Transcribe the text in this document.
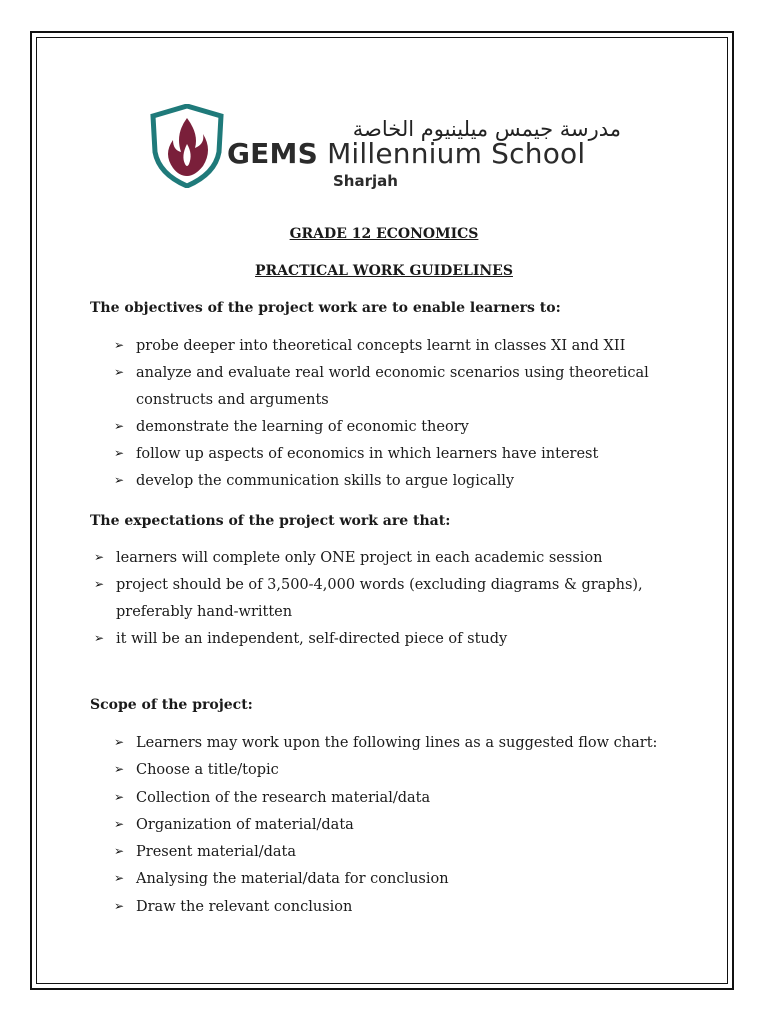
مدرسة جيمس ميلينيوم الخاصة
GEMS Millennium School
Sharjah
GRADE 12 ECONOMICS
PRACTICAL WORK GUIDELINES
The objectives of the project work are to enable learners to:
➢ probe deeper into theoretical concepts learnt in classes XI and XII
➢ analyze and evaluate real world economic scenarios using theoretical
constructs and arguments
➢ demonstrate the learning of economic theory
➢ follow up aspects of economics in which learners have interest
➢ develop the communication skills to argue logically
The expectations of the project work are that:
➢ learners will complete only ONE project in each academic session
➢ project should be of 3,500-4,000 words (excluding diagrams & graphs),
preferably hand-written
➢ it will be an independent, self-directed piece of study
Scope of the project:
➢ Learners may work upon the following lines as a suggested flow chart:
➢ Choose a title/topic
➢ Collection of the research material/data
➢ Organization of material/data
➢ Present material/data
➢ Analysing the material/data for conclusion
➢ Draw the relevant conclusion
